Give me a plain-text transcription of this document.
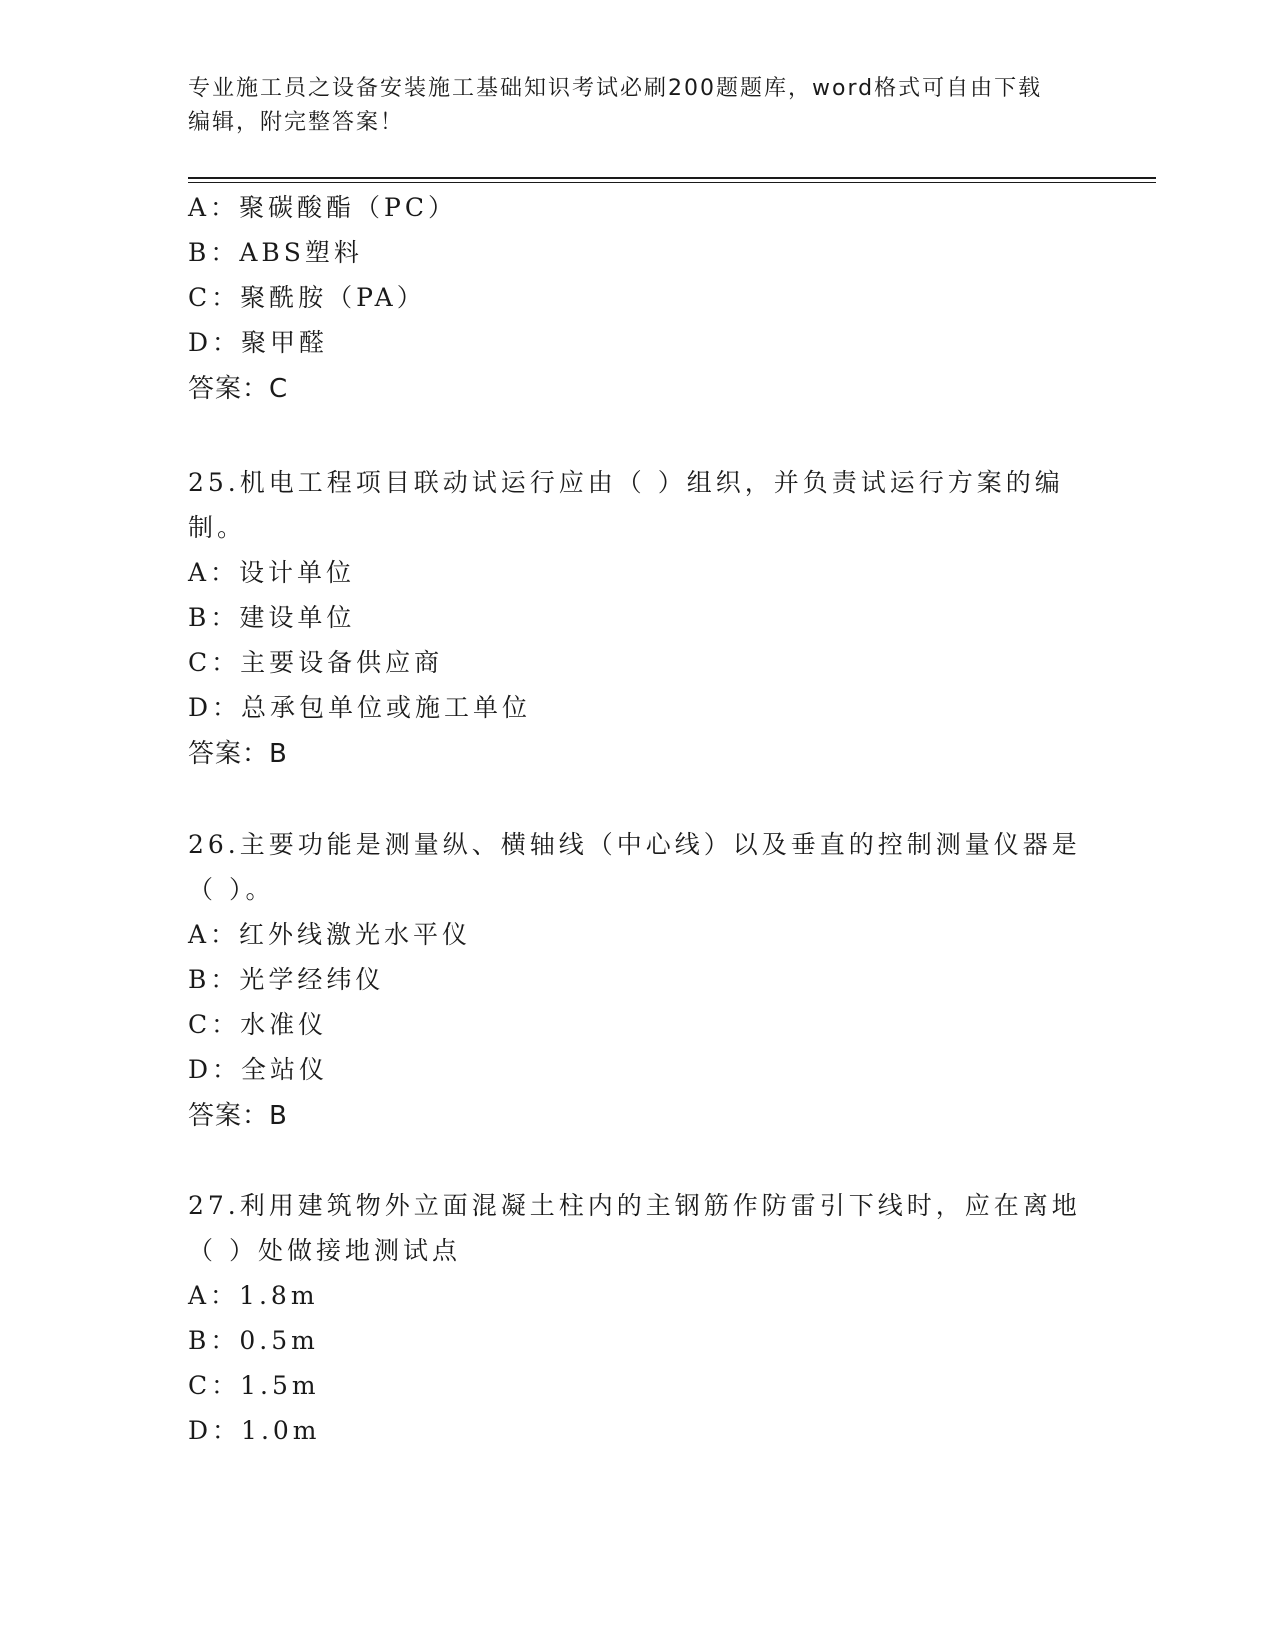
专业施工员之设备安装施工基础知识考试必刷200题题库，word格式可自由下载
编辑，附完整答案！
A：聚碳酸酯（PC）
B：ABS塑料
C：聚酰胺（PA）
D：聚甲醛
答案：C
25.机电工程项目联动试运行应由（ ）组织，并负责试运行方案的编
制。
A：设计单位
B：建设单位
C：主要设备供应商
D：总承包单位或施工单位
答案：B
26.主要功能是测量纵、横轴线（中心线）以及垂直的控制测量仪器是
（ ）。
A：红外线激光水平仪
B：光学经纬仪
C：水准仪
D：全站仪
答案：B
27.利用建筑物外立面混凝土柱内的主钢筋作防雷引下线时，应在离地
（ ）处做接地测试点
A：1.8m
B：0.5m
C：1.5m
D：1.0m
